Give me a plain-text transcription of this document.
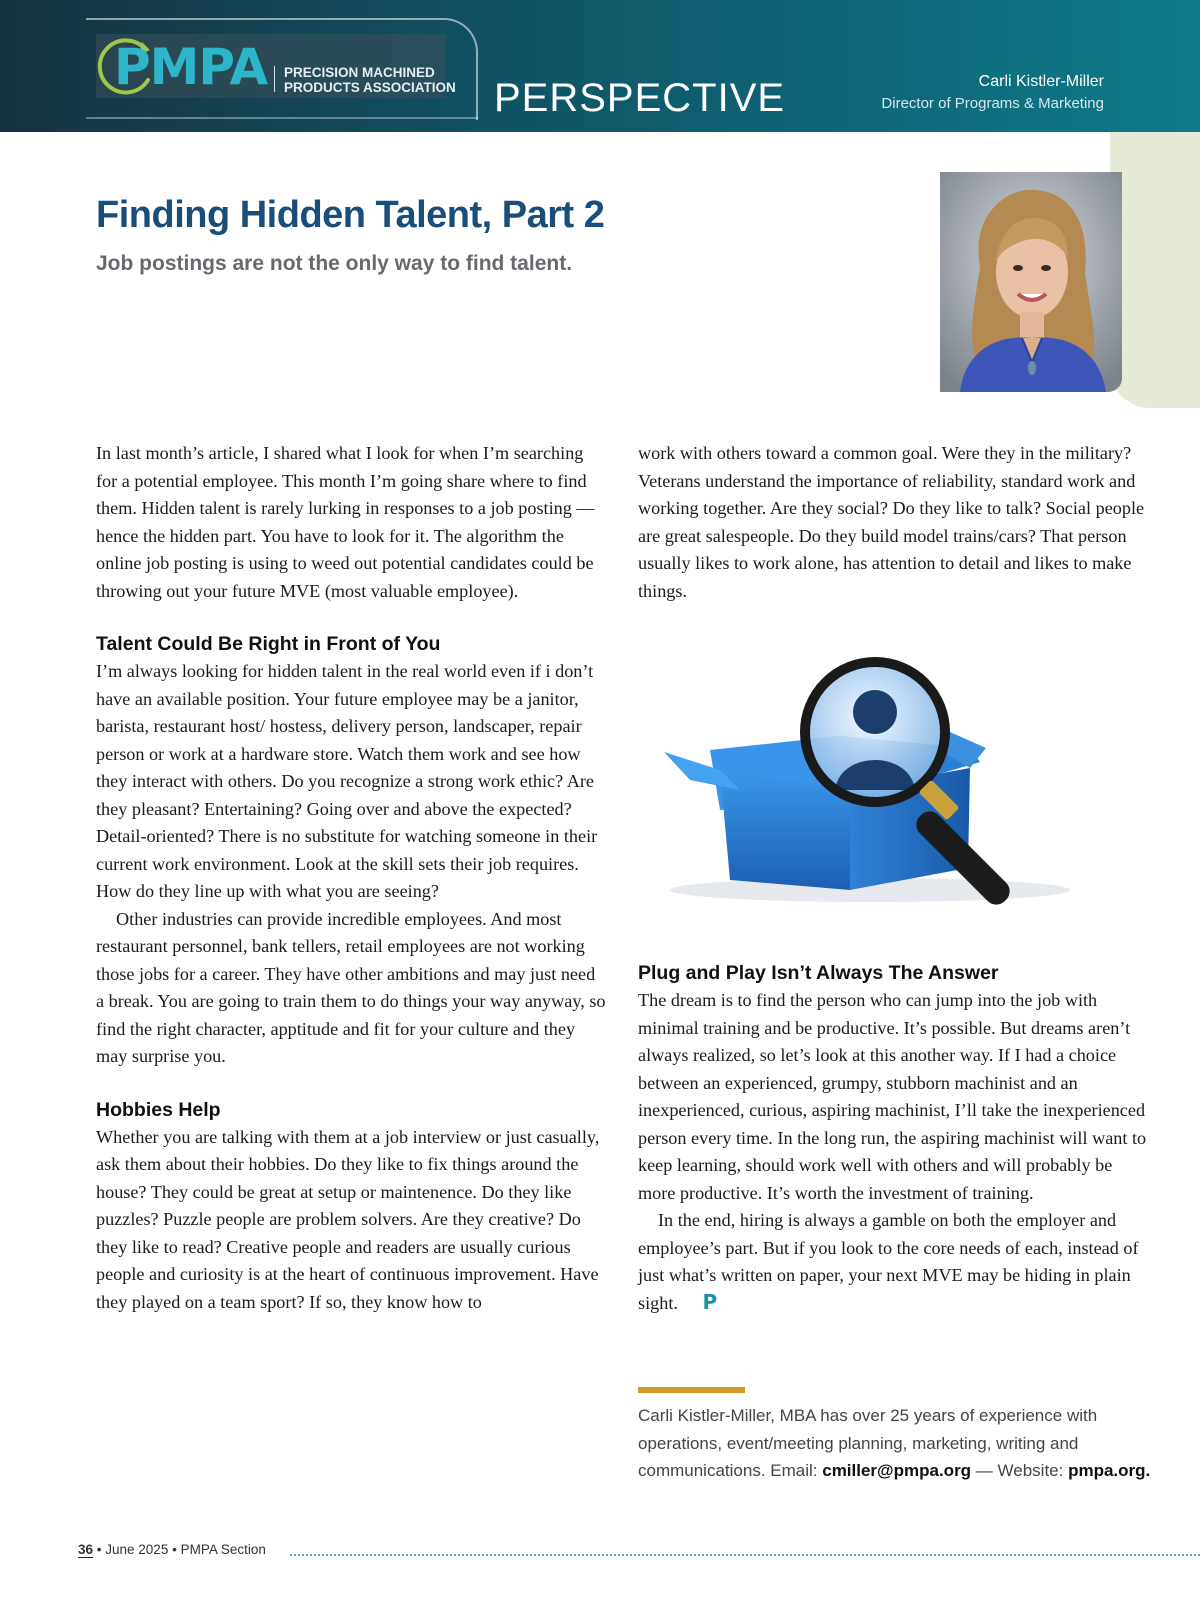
PMPA PRECISION MACHINED
PRODUCTS ASSOCIATION PERSPECTIVE	Carli Kistler-Miller
Director of Programs & Marketing
Finding Hidden Talent, Part 2
Job postings are not the only way to find talent.

In last month’s article, I shared what I look for when I’m searching for a potential employee. This month I’m going share where to find them. Hidden talent is rarely lurking in responses to a job posting — hence the hidden part. You have to look for it. The algorithm the online job posting is using to weed out potential candidates could be throwing out your future MVE (most valuable employee).

Talent Could Be Right in Front of You

I’m always looking for hidden talent in the real world even if i don’t have an available position. Your future employee may be a janitor, barista, restaurant host/ hostess, delivery person, landscaper, repair person or work at a hardware store. Watch them work and see how they interact with others. Do you recognize a strong work ethic? Are they pleasant? Entertaining? Going over and above the expected? Detail-oriented? There is no substitute for watching someone in their current work environment. Look at the skill sets their job requires. How do they line up with what you are seeing?

Other industries can provide incredible employees. And most restaurant personnel, bank tellers, retail employees are not working those jobs for a career. They have other ambitions and may just need a break. You are going to train them to do things your way anyway, so find the right character, apptitude and fit for your culture and they may surprise you.

Hobbies Help

Whether you are talking with them at a job interview or just casually, ask them about their hobbies. Do they like to fix things around the house? They could be great at setup or maintenence. Do they like puzzles? Puzzle people are problem solvers. Are they creative? Do they like to read? Creative people and readers are usually curious people and curiosity is at the heart of continuous improvement. Have they played on a team sport? If so, they know how to

work with others toward a common goal. Were they in the military? Veterans understand the importance of reliability, standard work and working together. Are they social? Do they like to talk? Social people are great salespeople. Do they build model trains/cars? That person usually likes to work alone, has attention to detail and likes to make things.

Plug and Play Isn’t Always The Answer

The dream is to find the person who can jump into the job with minimal training and be productive. It’s possible. But dreams aren’t always realized, so let’s look at this another way. If I had a choice between an experienced, grumpy, stubborn machinist and an inexperienced, curious, aspiring machinist, I’ll take the inexperienced person every time. In the long run, the aspiring machinist will want to keep learning, should work well with others and will probably be more productive. It’s worth the investment of training.

In the end, hiring is always a gamble on both the employer and employee’s part. But if you look to the core needs of each, instead of just what’s written on paper, your next MVE may be hiding in plain sight. P

Carli Kistler-Miller, MBA has over 25 years of experience with operations, event/meeting planning, marketing, writing and communications. Email: cmiller@pmpa.org — Website: pmpa.org.
36 • June 2025 • PMPA Section
